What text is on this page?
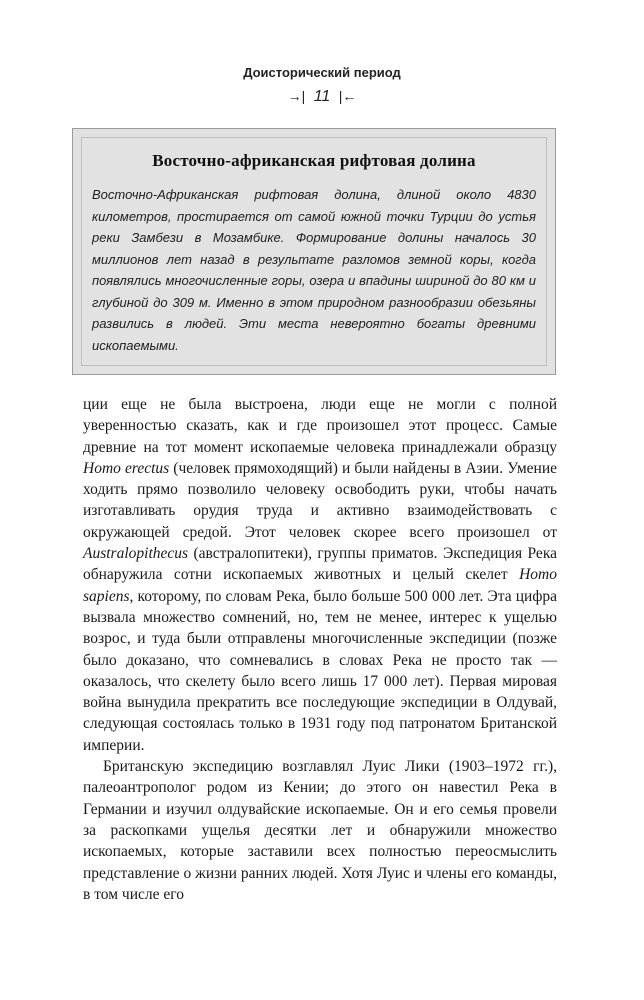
Доисторический период
→| 11 |←
Восточно-африканская рифтовая долина
Восточно-Африканская рифтовая долина, длиной около 4830 километров, простирается от самой южной точки Турции до устья реки Замбези в Мозамбике. Формирование долины началось 30 миллионов лет назад в результате разломов земной коры, когда появлялись многочисленные горы, озера и впадины шириной до 80 км и глубиной до 309 м. Именно в этом природном разнообразии обезьяны развились в людей. Эти места невероятно богаты древними ископаемыми.

ции еще не была выстроена, люди еще не могли с полной уверенностью сказать, как и где произошел этот процесс. Самые древние на тот момент ископаемые человека принадлежали образцу Homo erectus (человек прямоходящий) и были найдены в Азии. Умение ходить прямо позволило человеку освободить руки, чтобы начать изготавливать орудия труда и активно взаимодействовать с окружающей средой. Этот человек скорее всего произошел от Australopithecus (австралопитеки), группы приматов. Экспедиция Река обнаружила сотни ископаемых животных и целый скелет Homo sapiens, которому, по словам Река, было больше 500 000 лет. Эта цифра вызвала множество сомнений, но, тем не менее, интерес к ущелью возрос, и туда были отправлены многочисленные экспедиции (позже было доказано, что сомневались в словах Река не просто так — оказалось, что скелету было всего лишь 17 000 лет). Первая мировая война вынудила прекратить все последующие экспедиции в Олдувай, следующая состоялась только в 1931 году под патронатом Британской империи.

Британскую экспедицию возглавлял Луис Лики (1903–1972 гг.), палеоантрополог родом из Кении; до этого он навестил Река в Германии и изучил олдувайские ископаемые. Он и его семья провели за раскопками ущелья десятки лет и обнаружили множество ископаемых, которые заставили всех полностью переосмыслить представление о жизни ранних людей. Хотя Луис и члены его команды, в том числе его
